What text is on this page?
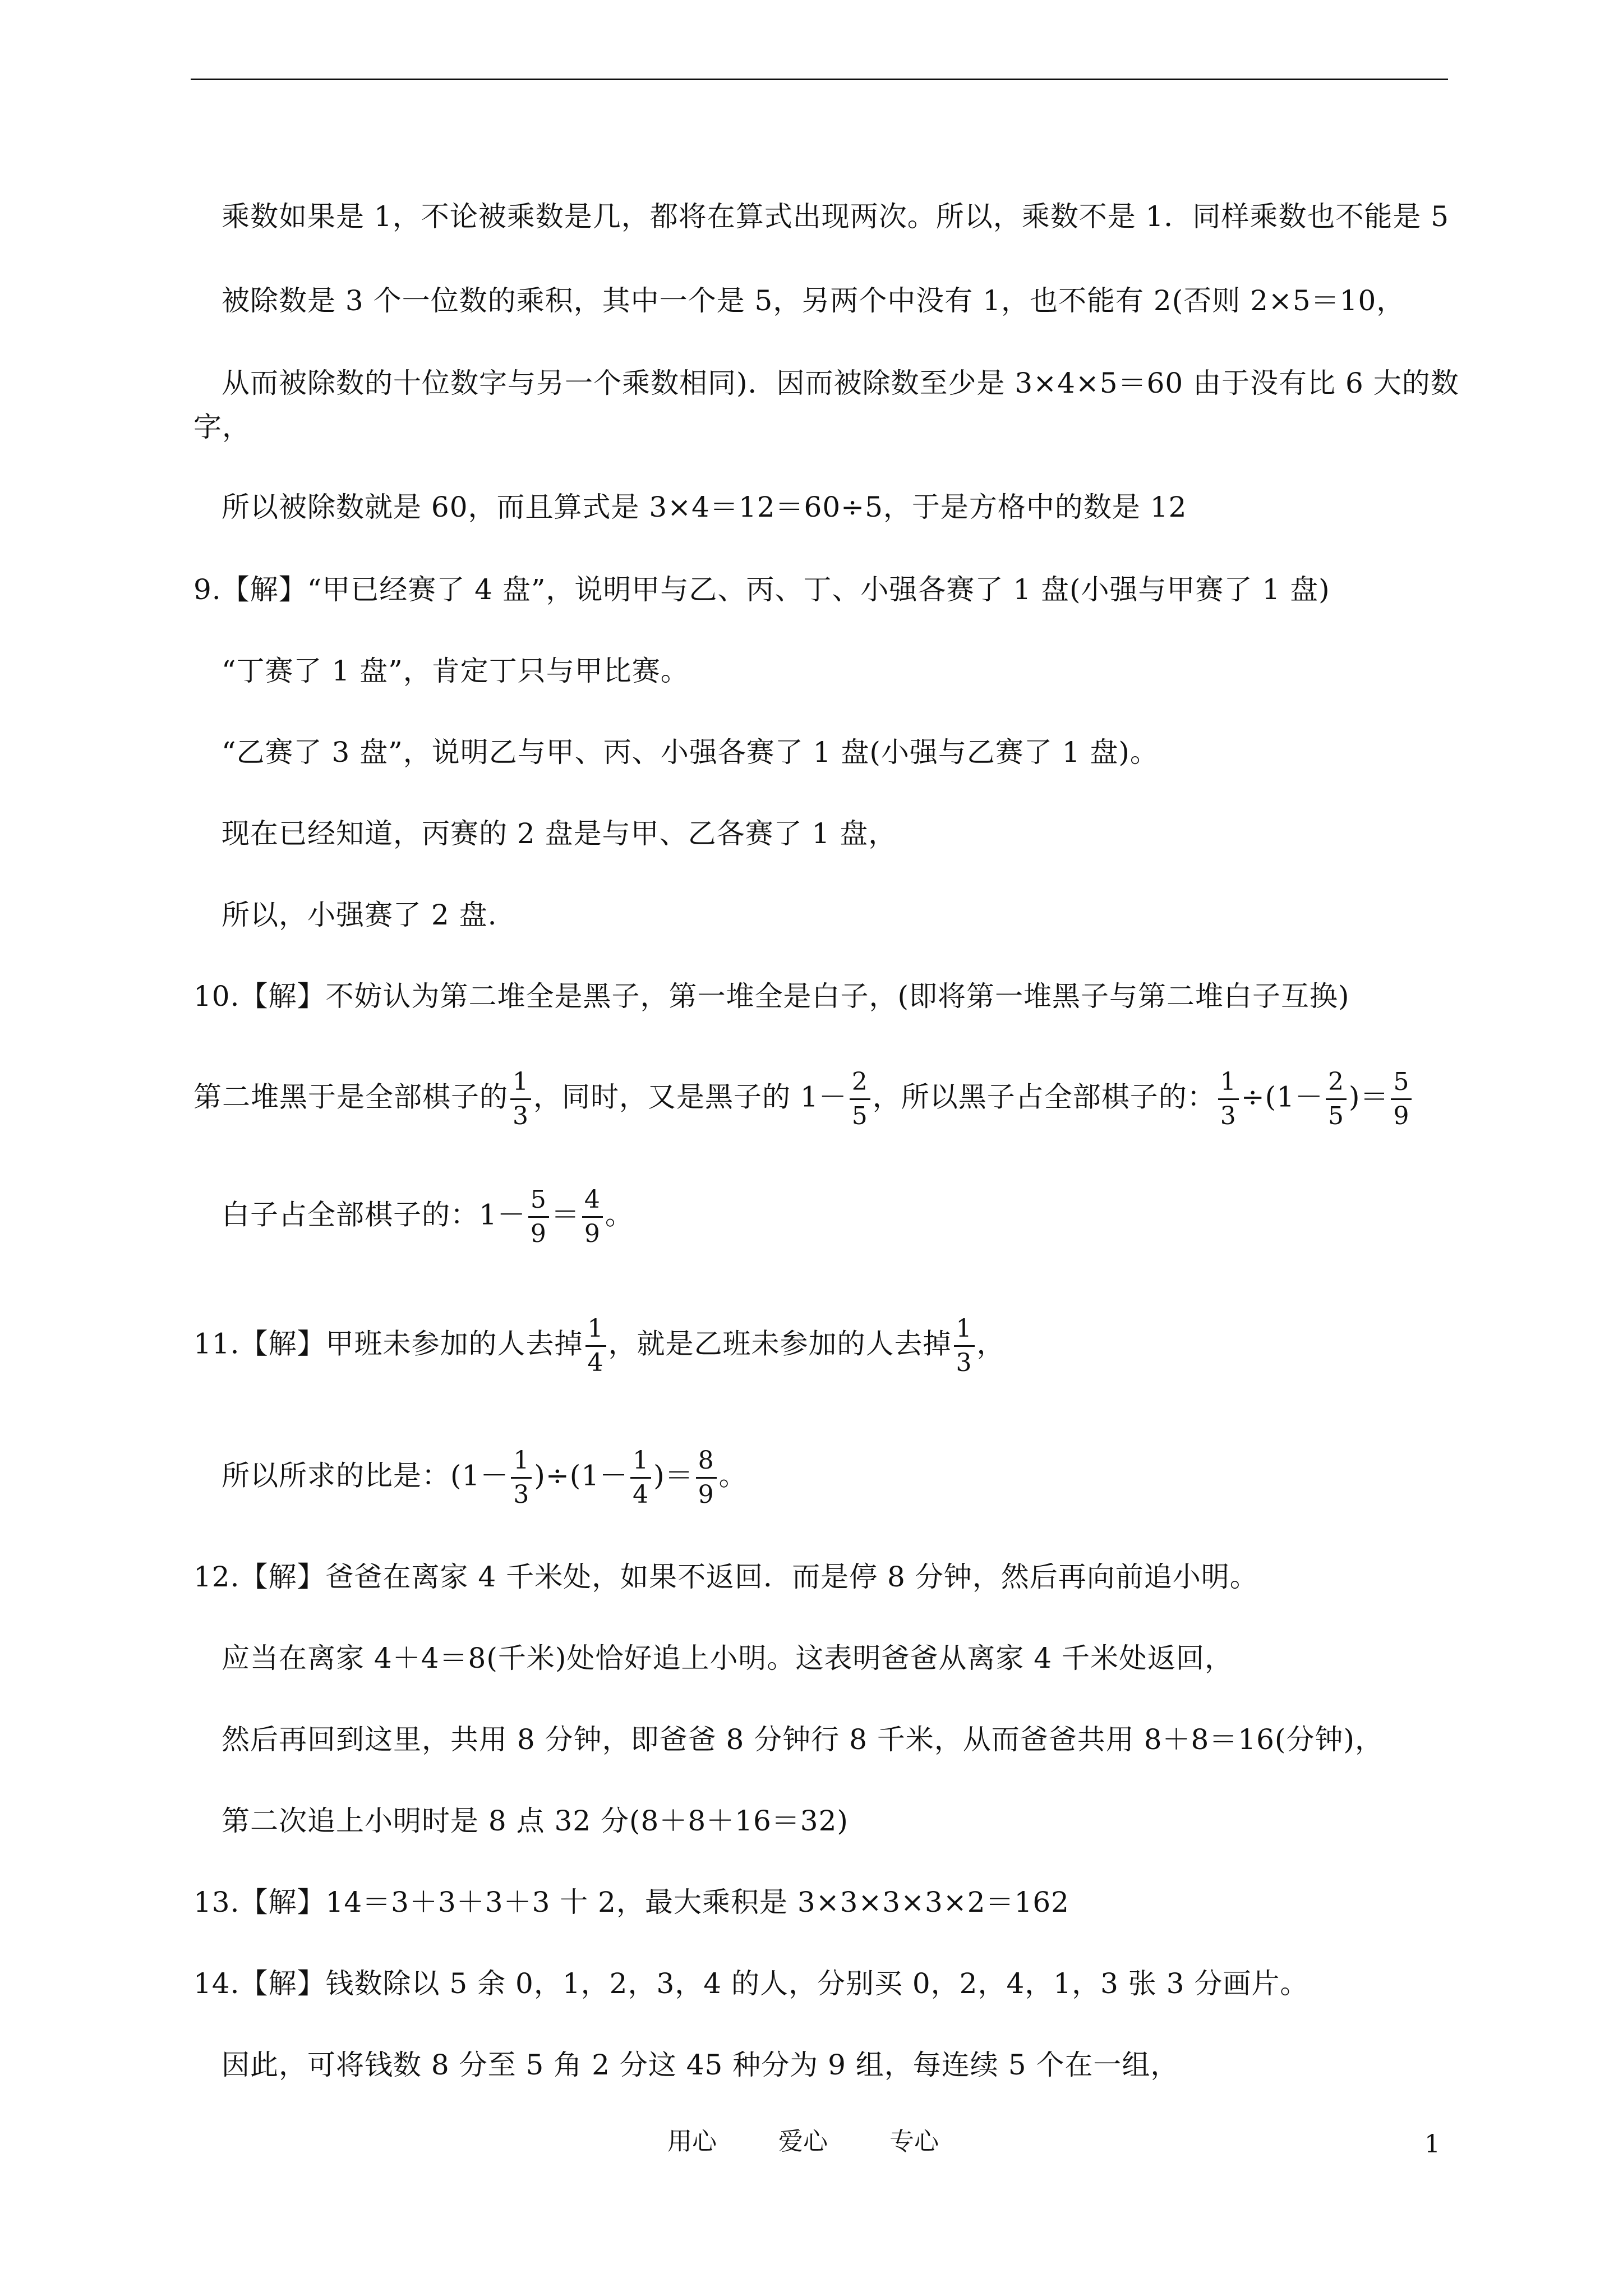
乘数如果是 1，不论被乘数是几，都将在算式出现两次。所以，乘数不是 1．同样乘数也不能是 5

被除数是 3 个一位数的乘积，其中一个是 5，另两个中没有 1，也不能有 2(否则 2×5＝10，

从而被除数的十位数字与另一个乘数相同)．因而被除数至少是 3×4×5＝60 由于没有比 6 大的数

字，

所以被除数就是 60，而且算式是 3×4＝12＝60÷5，于是方格中的数是 12

9.【解】“甲已经赛了 4 盘”，说明甲与乙、丙、丁、小强各赛了 1 盘(小强与甲赛了 1 盘)

“丁赛了 1 盘”，肯定丁只与甲比赛。

“乙赛了 3 盘”，说明乙与甲、丙、小强各赛了 1 盘(小强与乙赛了 1 盘)。

现在已经知道，丙赛的 2 盘是与甲、乙各赛了 1 盘，

所以，小强赛了 2 盘.

10.【解】不妨认为第二堆全是黑子，第一堆全是白子，(即将第一堆黑子与第二堆白子互换)

第二堆黑于是全部棋子的 $\frac{1}{3}$ ，同时，又是黑子的 $1- \frac{2}{5}$ ，所以黑子占全部棋子的： $\frac{1}{3} \div(1- \frac{2}{5}$ )＝ $\frac{5}{9}$
白子占全部棋子的：$1- \frac{5}{9} = \frac{4}{9}$ 。
11.【解】甲班未参加的人去掉 $\frac{1}{4}$ ，就是乙班未参加的人去掉 $\frac{1}{3}$ ，
所以所求的比是：$(1- \frac{1}{3} )\div(1- \frac{1}{4}$ )＝ $\frac{8}{9}$ 。

12.【解】爸爸在离家 4 千米处，如果不返回．而是停 8 分钟，然后再向前追小明。

应当在离家 4＋4＝8(千米)处恰好追上小明。这表明爸爸从离家 4 千米处返回，

然后再回到这里，共用 8 分钟，即爸爸 8 分钟行 8 千米，从而爸爸共用 8＋8＝16(分钟)，

第二次追上小明时是 8 点 32 分(8＋8＋16＝32)

13.【解】14＝3＋3＋3＋3 十 2，最大乘积是 3×3×3×3×2＝162

14.【解】钱数除以 5 余 0，1，2，3，4 的人，分别买 0，2，4，1，3 张 3 分画片。

因此，可将钱数 8 分至 5 角 2 分这 45 种分为 9 组，每连续 5 个在一组，

用心	爱心	专心	1
